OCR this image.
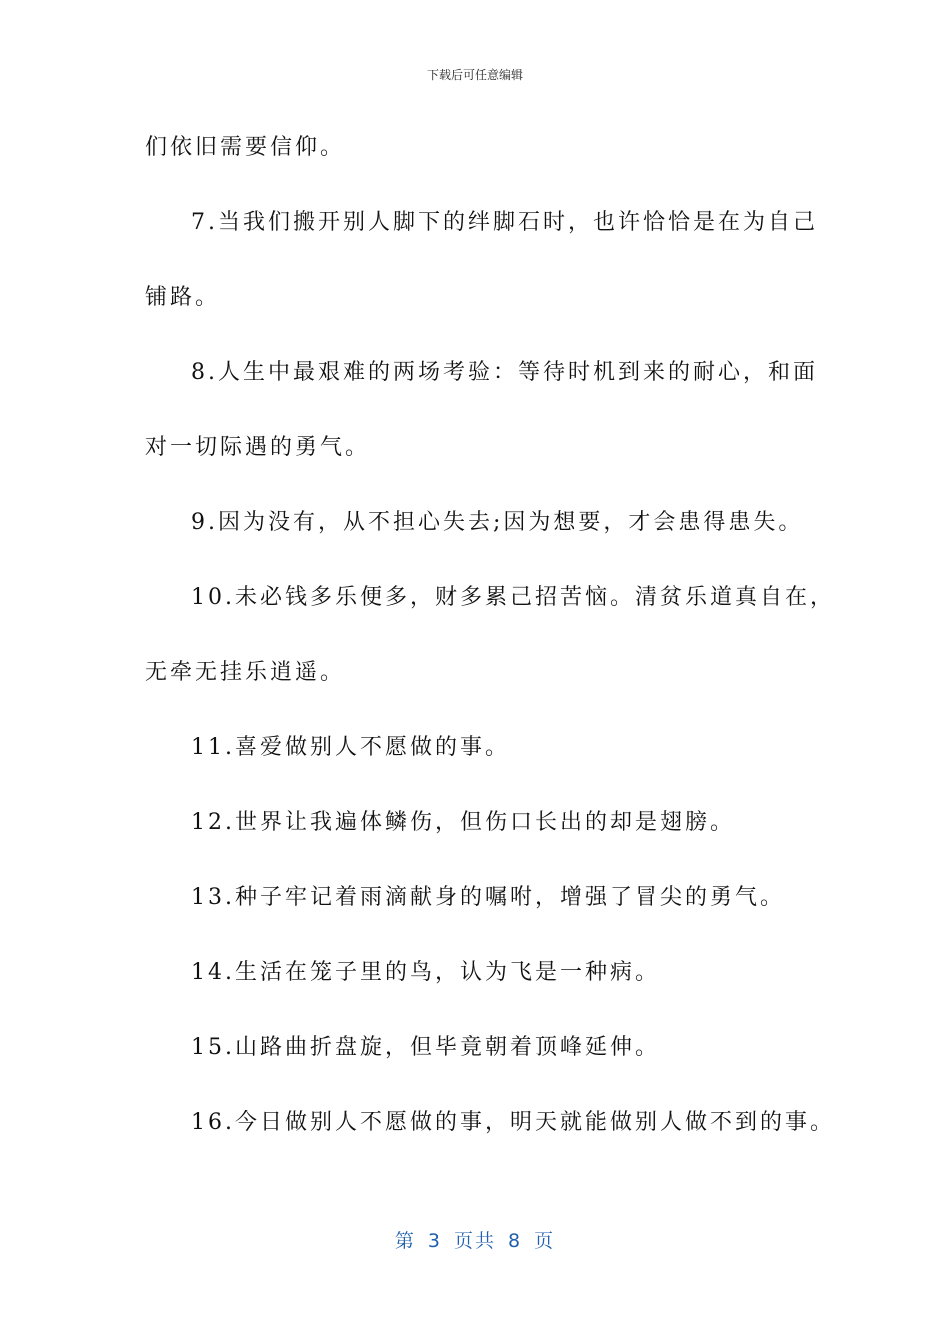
下载后可任意编辑
们依旧需要信仰。
7.当我们搬开别人脚下的绊脚石时，也许恰恰是在为自己
铺路。
8.人生中最艰难的两场考验：等待时机到来的耐心，和面
对一切际遇的勇气。
9.因为没有，从不担心失去;因为想要，才会患得患失。
10.未必钱多乐便多，财多累己招苦恼。清贫乐道真自在，
无牵无挂乐逍遥。
11.喜爱做别人不愿做的事。
12.世界让我遍体鳞伤，但伤口长出的却是翅膀。
13.种子牢记着雨滴献身的嘱咐，增强了冒尖的勇气。
14.生活在笼子里的鸟，认为飞是一种病。
15.山路曲折盘旋，但毕竟朝着顶峰延伸。
16.今日做别人不愿做的事，明天就能做别人做不到的事。
第 3 页共 8 页
